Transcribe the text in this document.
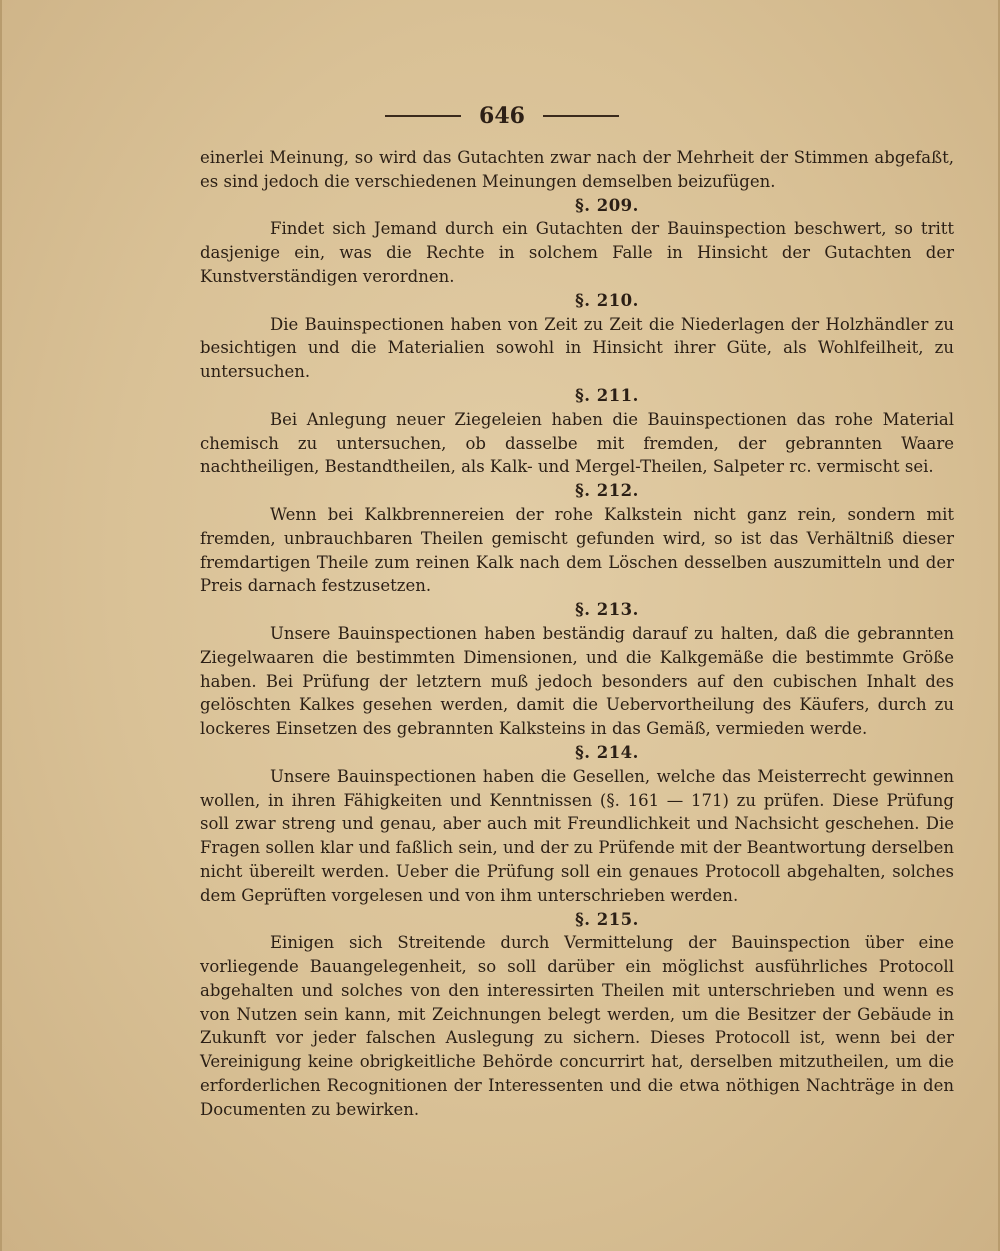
646

einerlei Meinung, so wird das Gutachten zwar nach der Mehrheit der Stimmen abgefaßt, es sind jedoch die verschiedenen Meinungen demselben beizufügen.

§. 209.

Findet sich Jemand durch ein Gutachten der Bauinspection beschwert, so tritt dasjenige ein, was die Rechte in solchem Falle in Hinsicht der Gutachten der Kunstverständigen verordnen.

§. 210.

Die Bauinspectionen haben von Zeit zu Zeit die Niederlagen der Holzhändler zu besichtigen und die Materialien sowohl in Hinsicht ihrer Güte, als Wohlfeilheit, zu untersuchen.

§. 211.

Bei Anlegung neuer Ziegeleien haben die Bauinspectionen das rohe Material chemisch zu untersuchen, ob dasselbe mit fremden, der gebrannten Waare nachtheiligen, Bestandtheilen, als Kalk- und Mergel-Theilen, Salpeter rc. vermischt sei.

§. 212.

Wenn bei Kalkbrennereien der rohe Kalkstein nicht ganz rein, sondern mit fremden, unbrauchbaren Theilen gemischt gefunden wird, so ist das Verhältniß dieser fremdartigen Theile zum reinen Kalk nach dem Löschen desselben auszumitteln und der Preis darnach festzusetzen.

§. 213.

Unsere Bauinspectionen haben beständig darauf zu halten, daß die gebrannten Ziegelwaaren die bestimmten Dimensionen, und die Kalkgemäße die bestimmte Größe haben. Bei Prüfung der letztern muß jedoch besonders auf den cubischen Inhalt des gelöschten Kalkes gesehen werden, damit die Uebervortheilung des Käufers, durch zu lockeres Einsetzen des gebrannten Kalksteins in das Gemäß, vermieden werde.

§. 214.

Unsere Bauinspectionen haben die Gesellen, welche das Meisterrecht gewinnen wollen, in ihren Fähigkeiten und Kenntnissen (§. 161 — 171) zu prüfen. Diese Prüfung soll zwar streng und genau, aber auch mit Freundlichkeit und Nachsicht geschehen. Die Fragen sollen klar und faßlich sein, und der zu Prüfende mit der Beantwortung derselben nicht übereilt werden. Ueber die Prüfung soll ein genaues Protocoll abgehalten, solches dem Geprüften vorgelesen und von ihm unterschrieben werden.

§. 215.

Einigen sich Streitende durch Vermittelung der Bauinspection über eine vorliegende Bauangelegenheit, so soll darüber ein möglichst ausführliches Protocoll abgehalten und solches von den interessirten Theilen mit unterschrieben und wenn es von Nutzen sein kann, mit Zeichnungen belegt werden, um die Besitzer der Gebäude in Zukunft vor jeder falschen Auslegung zu sichern. Dieses Protocoll ist, wenn bei der Vereinigung keine obrigkeitliche Behörde concurrirt hat, derselben mitzutheilen, um die erforderlichen Recognitionen der Interessenten und die etwa nöthigen Nachträge in den Documenten zu bewirken.
